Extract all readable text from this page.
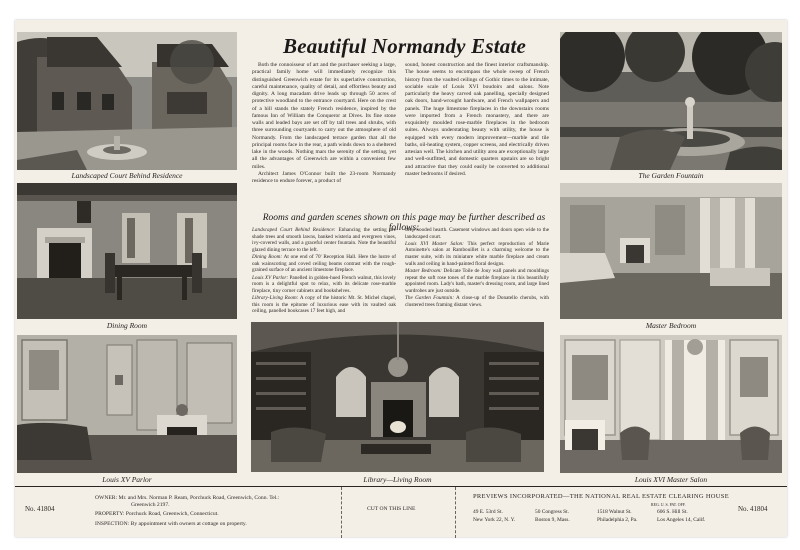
Landscaped Court Behind Residence	The Garden Fountain
Dining Room	Master Bedroom
Louis XV Parlor	Library—Living Room	Louis XVI Master Salon
Beautiful Normandy Estate

Both the connoisseur of art and the purchaser seeking a large, practical family home will immediately recognize this distinguished Greenwich estate for its superlative construction, careful maintenance, quality of detail, and effortless beauty and dignity. A long macadam drive leads up through 50 acres of protective woodland to the entrance courtyard. Here on the crest of a hill stands the stately French residence, inspired by the famous Inn of William the Conqueror at Dives. Its fine stone walls and leaded bays are set off by tall trees and shrubs, with three surrounding courtyards to carry out the atmosphere of old Normandy. From the landscaped terrace garden that all the principal rooms face in the rear, a path winds down to a sheltered lake in the woods. Nothing mars the serenity of the setting, yet all the advantages of Greenwich are within a convenient few miles.

Architect James O'Connor built the 23-room Normandy residence to endure forever, a product of

sound, honest construction and the finest interior craftsmanship. The house seems to encompass the whole sweep of French history from the vaulted ceilings of Gothic times to the intimate, sociable scale of Louis XVI boudoirs and salons. Note particularly the heavy carved oak panelling, specially designed oak doors, hand-wrought hardware, and French wallpapers and panels. The huge limestone fireplaces in the downstairs rooms were imported from a French monastery, and there are exquisitely moulded rose-marble fireplaces in the bedroom suites. Always understating beauty with utility, the house is equipped with every modern improvement—marble and tile baths, oil-heating system, copper screens, and electrically driven artesian well. The kitchen and utility area are exceptionally large and well-outfitted, and domestic quarters upstairs are so bright and attractive that they could easily be converted to additional master bedrooms if desired.

Rooms and garden scenes shown on this page may be further described as follows:

Landscaped Court Behind Residence: Enhancing the setting are shade trees and smooth lawns, banked wisteria and evergreen vines, ivy-covered walls, and a graceful center fountain. Note the beautiful glazed dining terrace to the left.

Dining Room: At one end of 70' Reception Hall. Here the lustre of oak wainscoting and coved ceiling beams contrast with the rough-grained surface of an ancient limestone fireplace.

Louis XV Parlor: Panelled in golden-hued French walnut, this lovely room is a delightful spot to relax, with its delicate rose-marble fireplace, tiny corner cabinets and bookshelves.

Library-Living Room: A copy of the historic Mt. St. Michel chapel, this room is the epitome of luxurious ease with its vaulted oak ceiling, panelled bookcases 17 feet high, and

deep hooded hearth. Casement windows and doors open wide to the landscaped court.

Louis XVI Master Salon: This perfect reproduction of Marie Antoinette's salon at Rambouillet is a charming welcome to the master suite, with its miniature white marble fireplace and cream walls and ceiling in hand-painted floral designs.

Master Bedroom: Delicate Toile de Jouy wall panels and mouldings repeat the soft rose tones of the marble fireplace in this beautifully appointed room. Lady's bath, master's dressing room, and large lined wardrobes are just outside.

The Garden Fountain: A close-up of the Donatello cherubs, with clustered trees framing distant views.

No. 41804
OWNER: Mr. and Mrs. Norman P. Ream, Porchuck Road, Greenwich, Conn. Tel.:
Greenwich 2197.
PROPERTY: Porchuck Road, Greenwich, Connecticut.
INSPECTION: By appointment with owners at cottage on property.
CUT ON THIS LINE
PREVIEWS INCORPORATED—THE NATIONAL REAL ESTATE CLEARING HOUSE
REG. U. S. PAT. OFF.
49 E. 53rd St.
New York 22, N. Y.
50 Congress St.
Boston 9, Mass.
1518 Walnut St.
Philadelphia 2, Pa.
606 S. Hill St.
Los Angeles 14, Calif.
No. 41804
